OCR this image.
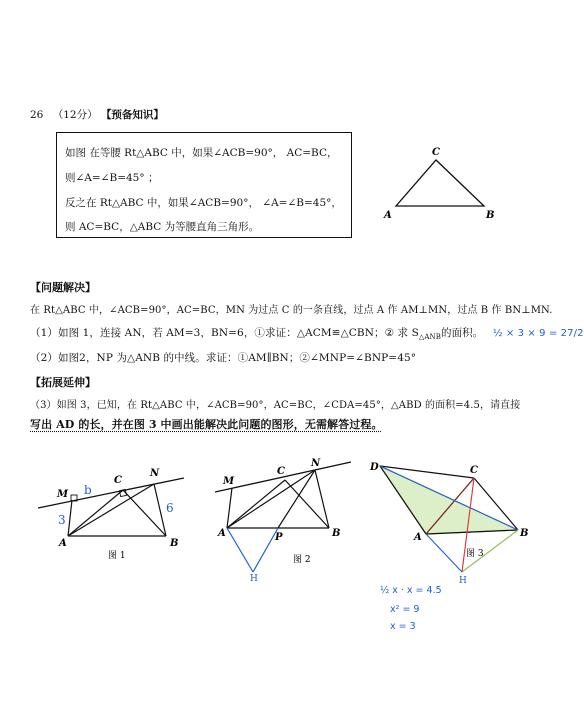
26 （12分） 【预备知识】
如图 在等腰 Rt△ABC 中，如果∠ACB=90°， AC=BC，
则∠A=∠B=45° ；
反之在 Rt△ABC 中，如果∠ACB=90°， ∠A=∠B=45°，
则 AC=BC，△ABC 为等腰直角三角形。
A	B
C
【问题解决】
在 Rt△ABC 中，∠ACB=90°，AC=BC，MN 为过点 C 的一条直线，过点 A 作 AM⊥MN，过点 B 作 BN⊥MN.
（1）如图 1，连接 AN，若 AM=3，BN=6，①求证：△ACM≌△CBN；② 求 $S_{\triangle ANB}$的面积。 ½ × 3 × 9 = 27/2
（2）如图2，NP 为△ANB 的中线。求证：①AM∥BN；②∠MNP=∠BNP=45°
【拓展延伸】
（3）如图 3，已知，在 Rt△ABC 中，∠ACB=90°，AC=BC，∠CDA=45°，△ABD 的面积=4.5，请直接
写出 AD 的长，并在图 3 中画出能解决此问题的图形，无需解答过程。
M
C
N
A	B
b
3
6
图 1
M
C
N
A	B
P
H
图 2
D	C
A	B
H
图 3
½ x · x = 4.5
x² = 9
x = 3
